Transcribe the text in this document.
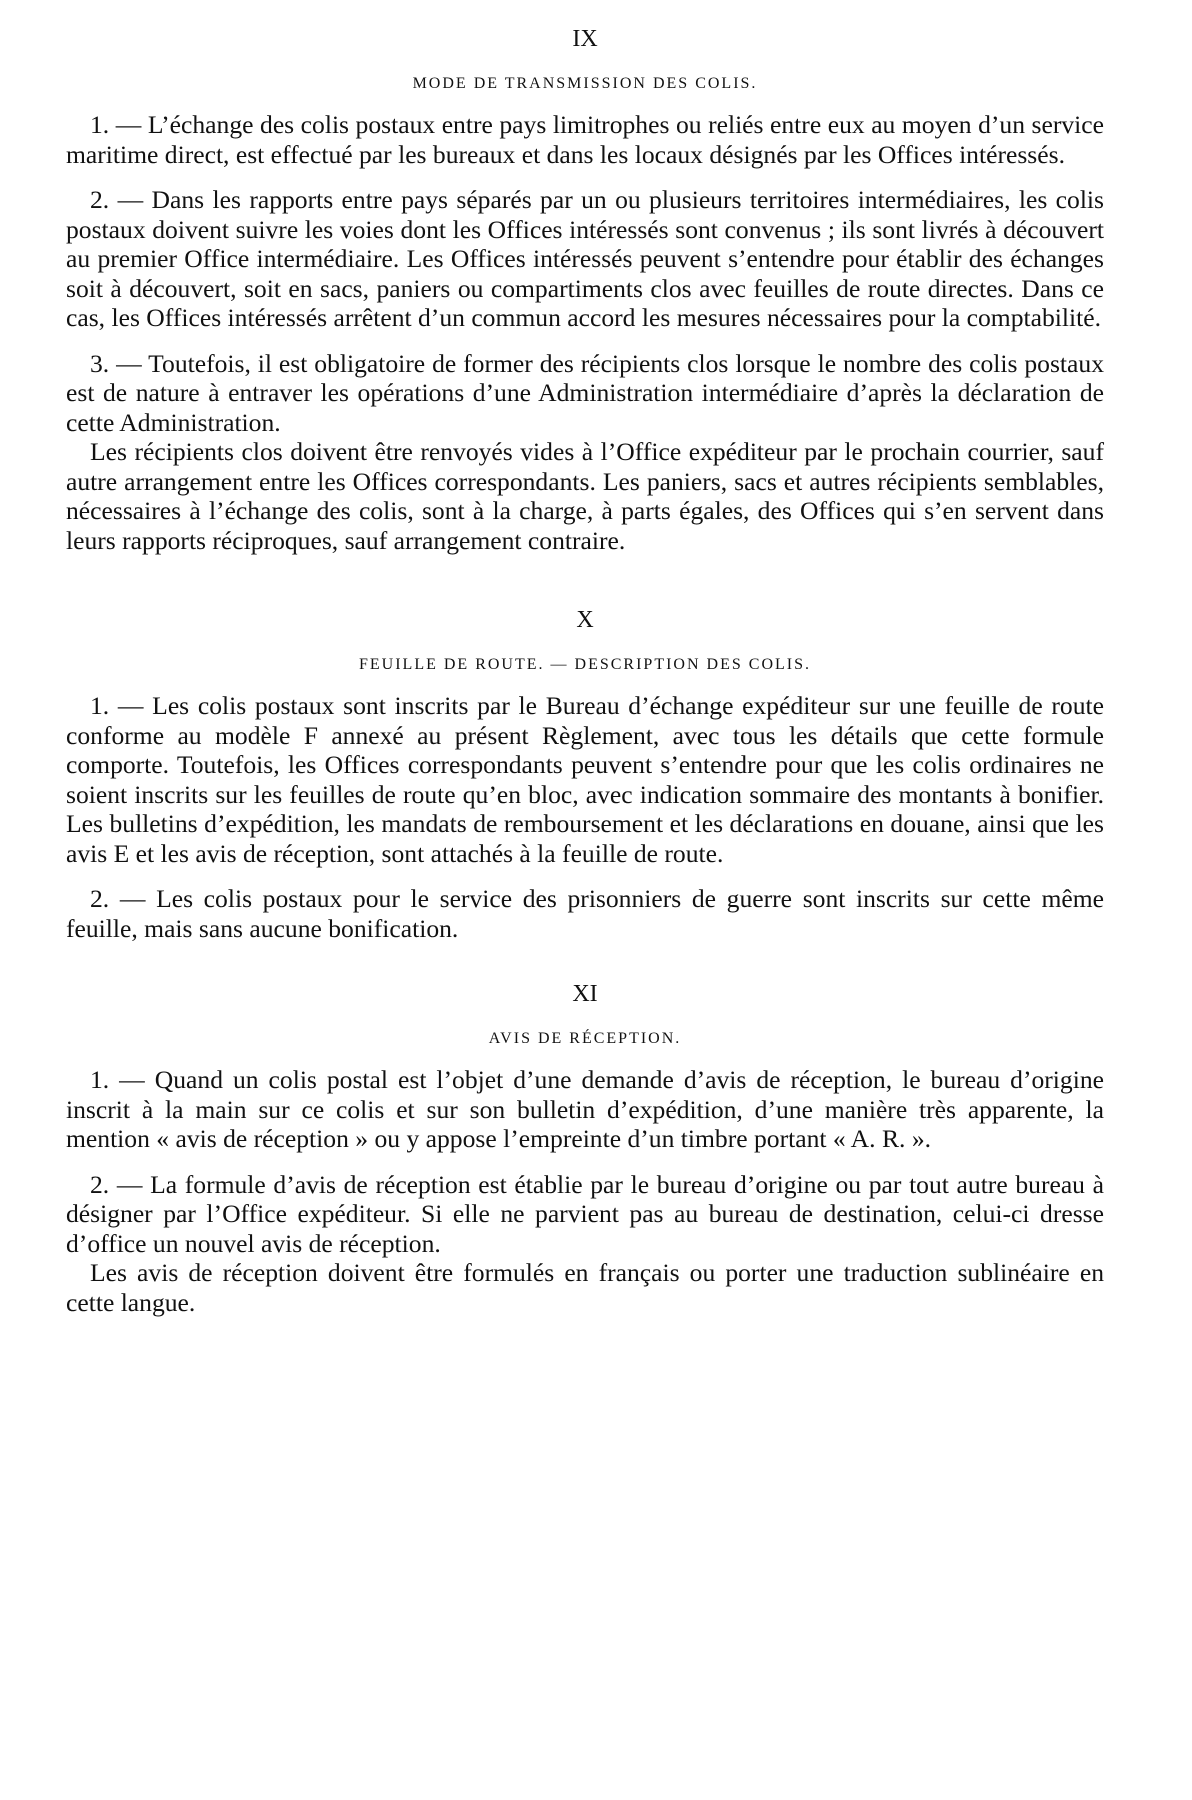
IX
MODE DE TRANSMISSION DES COLIS.

1. — L’échange des colis postaux entre pays limitrophes ou reliés entre eux au moyen d’un service maritime direct, est effectué par les bureaux et dans les locaux désignés par les Offices intéressés.

2. — Dans les rapports entre pays séparés par un ou plusieurs territoires intermédiaires, les colis postaux doivent suivre les voies dont les Offices intéressés sont convenus ; ils sont livrés à découvert au premier Office intermédiaire. Les Offices intéressés peuvent s’entendre pour établir des échanges soit à découvert, soit en sacs, paniers ou compartiments clos avec feuilles de route directes. Dans ce cas, les Offices intéressés arrêtent d’un commun accord les mesures nécessaires pour la comptabilité.

3. — Toutefois, il est obligatoire de former des récipients clos lorsque le nombre des colis postaux est de nature à entraver les opérations d’une Administration intermédiaire d’après la déclaration de cette Administration.

Les récipients clos doivent être renvoyés vides à l’Office expéditeur par le prochain courrier, sauf autre arrangement entre les Offices correspondants. Les paniers, sacs et autres récipients semblables, nécessaires à l’échange des colis, sont à la charge, à parts égales, des Offices qui s’en servent dans leurs rapports réciproques, sauf arrangement contraire.

X
FEUILLE DE ROUTE. — DESCRIPTION DES COLIS.

1. — Les colis postaux sont inscrits par le Bureau d’échange expéditeur sur une feuille de route conforme au modèle F annexé au présent Règlement, avec tous les détails que cette formule comporte. Toutefois, les Offices correspondants peuvent s’entendre pour que les colis ordinaires ne soient inscrits sur les feuilles de route qu’en bloc, avec indication sommaire des montants à bonifier. Les bulletins d’expédition, les mandats de remboursement et les déclarations en douane, ainsi que les avis E et les avis de réception, sont attachés à la feuille de route.

2. — Les colis postaux pour le service des prisonniers de guerre sont inscrits sur cette même feuille, mais sans aucune bonification.

XI
AVIS DE RÉCEPTION.

1. — Quand un colis postal est l’objet d’une demande d’avis de réception, le bureau d’origine inscrit à la main sur ce colis et sur son bulletin d’expédition, d’une manière très apparente, la mention « avis de réception » ou y appose l’empreinte d’un timbre portant « A. R. ».

2. — La formule d’avis de réception est établie par le bureau d’origine ou par tout autre bureau à désigner par l’Office expéditeur. Si elle ne parvient pas au bureau de destination, celui-ci dresse d’office un nouvel avis de réception.

Les avis de réception doivent être formulés en français ou porter une traduction sublinéaire en cette langue.
